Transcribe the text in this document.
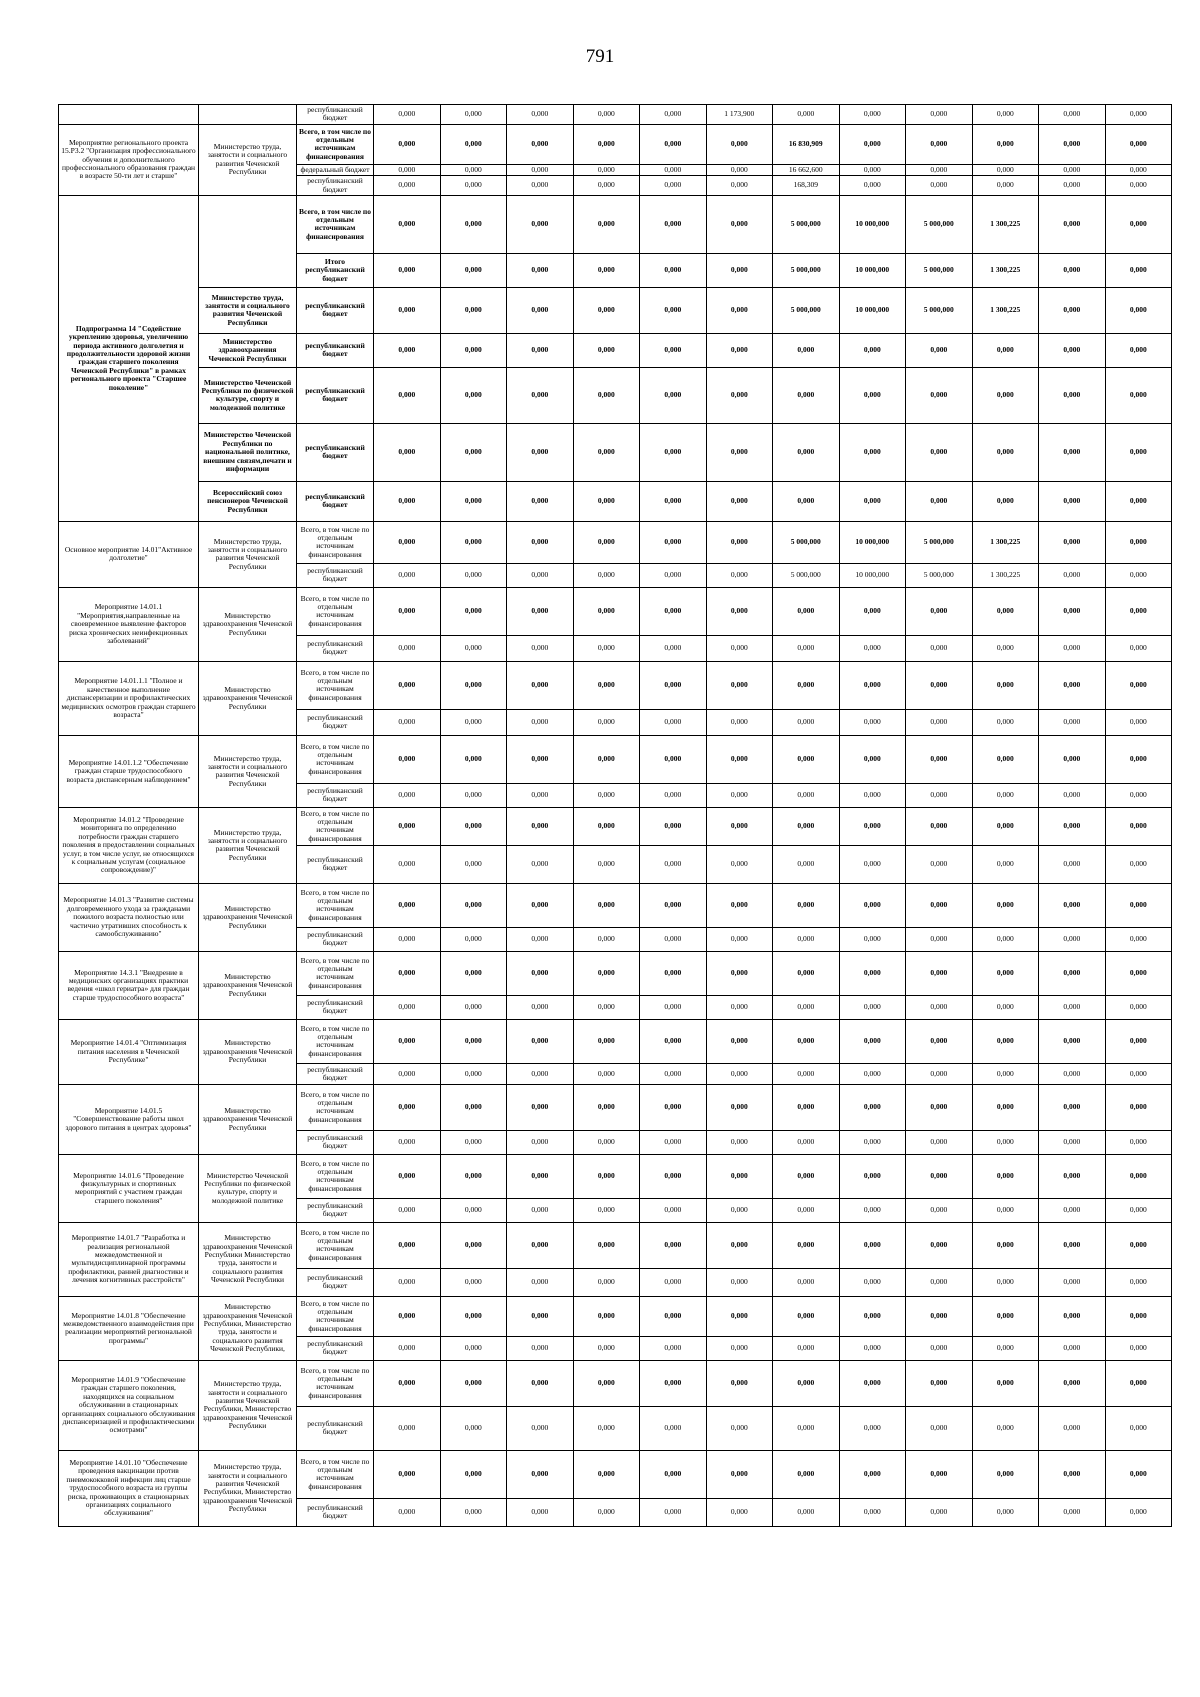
791
		республиканский бюджет	0,000	0,000	0,000	0,000	0,000	1 173,900	0,000	0,000	0,000	0,000	0,000	0,000
Мероприятие регионального проекта 15.P3.2 "Организация профессионального обучения и дополнительного профессионального образования граждан в возрасте 50-ти лет и старше"	Министерство труда, занятости и социального развития Чеченской Республики	Всего, в том числе по отдельным источникам финансирования	0,000	0,000	0,000	0,000	0,000	0,000	16 830,909	0,000	0,000	0,000	0,000	0,000
		федеральный бюджет	0,000	0,000	0,000	0,000	0,000	0,000	16 662,600	0,000	0,000	0,000	0,000	0,000
		республиканский бюджет	0,000	0,000	0,000	0,000	0,000	0,000	168,309	0,000	0,000	0,000	0,000	0,000
Подпрограмма 14 "Содействие укреплению здоровья, увеличению периода активного долголетия и продолжительности здоровой жизни граждан старшего поколения Чеченской Республики" в рамках регионального проекта "Старшее поколение"		Всего, в том числе по отдельным источникам финансирования	0,000	0,000	0,000	0,000	0,000	0,000	5 000,000	10 000,000	5 000,000	1 300,225	0,000	0,000
		Итого республиканский бюджет	0,000	0,000	0,000	0,000	0,000	0,000	5 000,000	10 000,000	5 000,000	1 300,225	0,000	0,000
	Министерство труда, занятости и социального развития Чеченской Республики	республиканский бюджет	0,000	0,000	0,000	0,000	0,000	0,000	5 000,000	10 000,000	5 000,000	1 300,225	0,000	0,000
	Министерство здравоохранения Чеченской Республики	республиканский бюджет	0,000	0,000	0,000	0,000	0,000	0,000	0,000	0,000	0,000	0,000	0,000	0,000
	Министерство Чеченской Республики по физической культуре, спорту и молодежной политике	республиканский бюджет	0,000	0,000	0,000	0,000	0,000	0,000	0,000	0,000	0,000	0,000	0,000	0,000
	Министерство Чеченской Республики по национальной политике, внешним связям,печати и информации	республиканский бюджет	0,000	0,000	0,000	0,000	0,000	0,000	0,000	0,000	0,000	0,000	0,000	0,000
	Всероссийский союз пенсионеров Чеченской Республики	республиканский бюджет	0,000	0,000	0,000	0,000	0,000	0,000	0,000	0,000	0,000	0,000	0,000	0,000
Основное мероприятие 14.01"Активное долголетие"	Министерство труда, занятости и социального развития Чеченской Республики	Всего, в том числе по отдельным источникам финансирования	0,000	0,000	0,000	0,000	0,000	0,000	5 000,000	10 000,000	5 000,000	1 300,225	0,000	0,000
		республиканский бюджет	0,000	0,000	0,000	0,000	0,000	0,000	5 000,000	10 000,000	5 000,000	1 300,225	0,000	0,000
Мероприятие 14.01.1 "Мероприятия,направленные на своевременное выявление факторов риска хронических неинфекционных заболеваний"	Министерство здравоохранения Чеченской Республики	Всего, в том числе по отдельным источникам финансирования	0,000	0,000	0,000	0,000	0,000	0,000	0,000	0,000	0,000	0,000	0,000	0,000
		республиканский бюджет	0,000	0,000	0,000	0,000	0,000	0,000	0,000	0,000	0,000	0,000	0,000	0,000
Мероприятие 14.01.1.1 "Полное и качественное выполнение диспансеризации и профилактических медицинских осмотров граждан старшего возраста"	Министерство здравоохранения Чеченской Республики	Всего, в том числе по отдельным источникам финансирования	0,000	0,000	0,000	0,000	0,000	0,000	0,000	0,000	0,000	0,000	0,000	0,000
		республиканский бюджет	0,000	0,000	0,000	0,000	0,000	0,000	0,000	0,000	0,000	0,000	0,000	0,000
Мероприятие 14.01.1.2 "Обеспечение граждан старше трудоспособного возраста диспансерным наблюдением"	Министерство труда, занятости и социального развития Чеченской Республики	Всего, в том числе по отдельным источникам финансирования	0,000	0,000	0,000	0,000	0,000	0,000	0,000	0,000	0,000	0,000	0,000	0,000
		республиканский бюджет	0,000	0,000	0,000	0,000	0,000	0,000	0,000	0,000	0,000	0,000	0,000	0,000
Мероприятие 14.01.2 "Проведение мониторинга по определению потребности граждан старшего поколения в предоставлении социальных услуг, в том числе услуг, не относящихся к социальным услугам (социальное сопровождение)"	Министерство труда, занятости и социального развития Чеченской Республики	Всего, в том числе по отдельным источникам финансирования	0,000	0,000	0,000	0,000	0,000	0,000	0,000	0,000	0,000	0,000	0,000	0,000
		республиканский бюджет	0,000	0,000	0,000	0,000	0,000	0,000	0,000	0,000	0,000	0,000	0,000	0,000
Мероприятие 14.01.3 "Развитие системы долговременного ухода за гражданами пожилого возраста полностью или частично утративших способность к самообслуживанию"	Министерство здравоохранения Чеченской Республики	Всего, в том числе по отдельным источникам финансирования	0,000	0,000	0,000	0,000	0,000	0,000	0,000	0,000	0,000	0,000	0,000	0,000
		республиканский бюджет	0,000	0,000	0,000	0,000	0,000	0,000	0,000	0,000	0,000	0,000	0,000	0,000
Мероприятие 14.3.1 "Внедрение в медицинских организациях практики ведения «школ гериатра» для граждан старше трудоспособного возраста"	Министерство здравоохранения Чеченской Республики	Всего, в том числе по отдельным источникам финансирования	0,000	0,000	0,000	0,000	0,000	0,000	0,000	0,000	0,000	0,000	0,000	0,000
		республиканский бюджет	0,000	0,000	0,000	0,000	0,000	0,000	0,000	0,000	0,000	0,000	0,000	0,000
Мероприятие 14.01.4 "Оптимизация питания населения в Чеченской Республике"	Министерство здравоохранения Чеченской Республики	Всего, в том числе по отдельным источникам финансирования	0,000	0,000	0,000	0,000	0,000	0,000	0,000	0,000	0,000	0,000	0,000	0,000
		республиканский бюджет	0,000	0,000	0,000	0,000	0,000	0,000	0,000	0,000	0,000	0,000	0,000	0,000
Мероприятие 14.01.5 "Совершенствование работы школ здорового питания в центрах здоровья"	Министерство здравоохранения Чеченской Республики	Всего, в том числе по отдельным источникам финансирования	0,000	0,000	0,000	0,000	0,000	0,000	0,000	0,000	0,000	0,000	0,000	0,000
		республиканский бюджет	0,000	0,000	0,000	0,000	0,000	0,000	0,000	0,000	0,000	0,000	0,000	0,000
Мероприятие 14.01.6 "Проведение физкультурных и спортивных мероприятий с участием граждан старшего поколения"	Министерство Чеченской Республики по физической культуре, спорту и молодежной политике	Всего, в том числе по отдельным источникам финансирования	0,000	0,000	0,000	0,000	0,000	0,000	0,000	0,000	0,000	0,000	0,000	0,000
		республиканский бюджет	0,000	0,000	0,000	0,000	0,000	0,000	0,000	0,000	0,000	0,000	0,000	0,000
Мероприятие 14.01.7 "Разработка и реализация региональной межведомственной и мультидисциплинарной программы профилактики, ранней диагностики и лечения когнитивных расстройств"	Министерство здравоохранения Чеченской Республики Министерство труда, занятости и социального развития Чеченской Республики	Всего, в том числе по отдельным источникам финансирования	0,000	0,000	0,000	0,000	0,000	0,000	0,000	0,000	0,000	0,000	0,000	0,000
		республиканский бюджет	0,000	0,000	0,000	0,000	0,000	0,000	0,000	0,000	0,000	0,000	0,000	0,000
Мероприятие 14.01.8 "Обеспечение межведомственного взаимодействия при реализации мероприятий региональной программы"	Министерство здравоохранения Чеченской Республики, Министерство труда, занятости и социального развития Чеченской Республики,	Всего, в том числе по отдельным источникам финансирования	0,000	0,000	0,000	0,000	0,000	0,000	0,000	0,000	0,000	0,000	0,000	0,000
		республиканский бюджет	0,000	0,000	0,000	0,000	0,000	0,000	0,000	0,000	0,000	0,000	0,000	0,000
Мероприятие 14.01.9 "Обеспечение граждан старшего поколения, находящихся на социальном обслуживании в стационарных организациях социального обслуживания диспансеризацией и профилактическими осмотрами"	Министерство труда, занятости и социального развития Чеченской Республики, Министерство здравоохранения Чеченской Республики	Всего, в том числе по отдельным источникам финансирования	0,000	0,000	0,000	0,000	0,000	0,000	0,000	0,000	0,000	0,000	0,000	0,000
		республиканский бюджет	0,000	0,000	0,000	0,000	0,000	0,000	0,000	0,000	0,000	0,000	0,000	0,000
Мероприятие 14.01.10 "Обеспечение проведения вакцинации против пневмококковой инфекции лиц старше трудоспособного возраста из группы риска, проживающих в стационарных организациях социального обслуживания"	Министерство труда, занятости и социального развития Чеченской Республики, Министерство здравоохранения Чеченской Республики	Всего, в том числе по отдельным источникам финансирования	0,000	0,000	0,000	0,000	0,000	0,000	0,000	0,000	0,000	0,000	0,000	0,000
		республиканский бюджет	0,000	0,000	0,000	0,000	0,000	0,000	0,000	0,000	0,000	0,000	0,000	0,000
